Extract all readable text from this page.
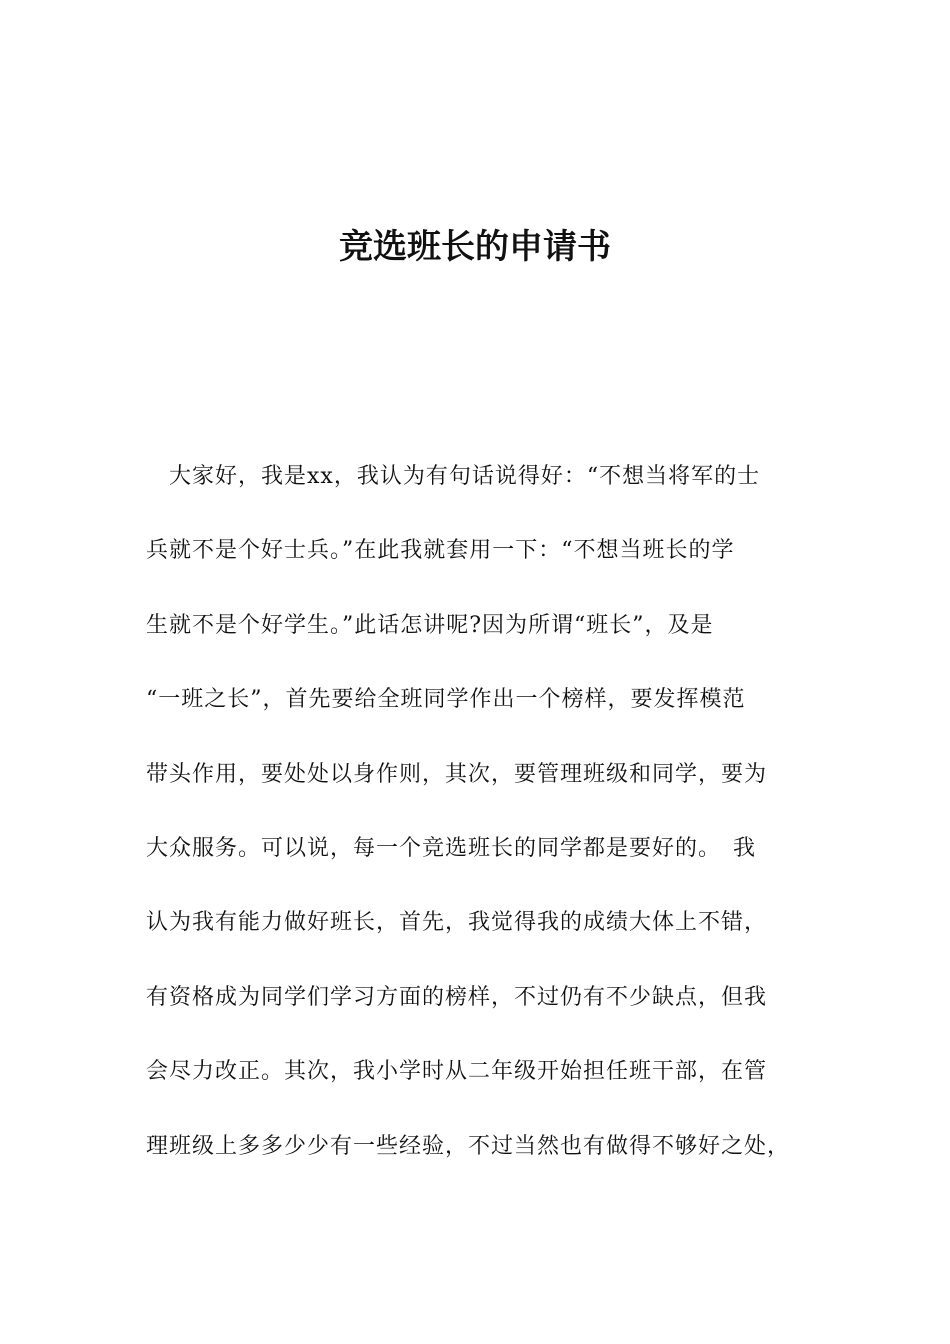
竞选班长的申请书
　大家好，我是xx，我认为有句话说得好：“不想当将军的士
兵就不是个好士兵。”在此我就套用一下：“不想当班长的学
生就不是个好学生。”此话怎讲呢?因为所谓“班长”，及是
“一班之长”，首先要给全班同学作出一个榜样，要发挥模范
带头作用，要处处以身作则，其次，要管理班级和同学，要为
大众服务。可以说，每一个竞选班长的同学都是要好的。　我
认为我有能力做好班长，首先，我觉得我的成绩大体上不错，
有资格成为同学们学习方面的榜样，不过仍有不少缺点，但我
会尽力改正。其次，我小学时从二年级开始担任班干部，在管
理班级上多多少少有一些经验，不过当然也有做得不够好之处，
